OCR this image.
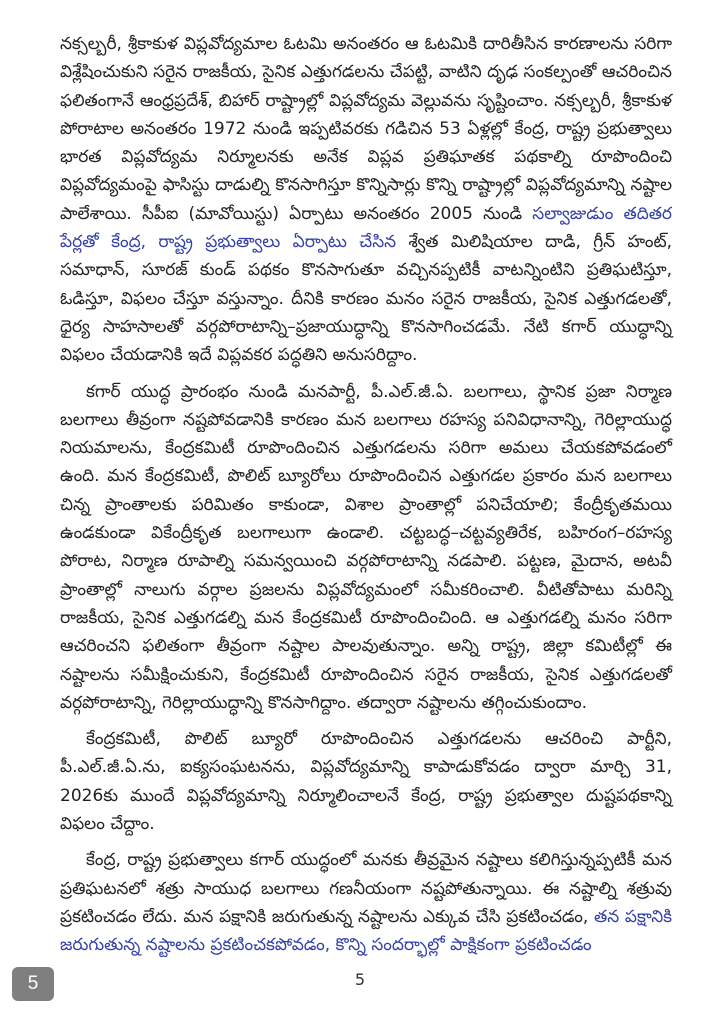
నక్సల్బరీ, శ్రీకాకుళ విప్లవోద్యమాల ఓటమి అనంతరం ఆ ఓటమికి దారితీసిన కారణాలను సరిగా విశ్లేషించుకుని సరైన రాజకీయ, సైనిక ఎత్తుగడలను చేపట్టి, వాటిని దృఢ సంకల్పంతో ఆచరించిన ఫలితంగానే ఆంధ్రప్రదేశ్, బిహార్ రాష్ట్రాల్లో విప్లవోద్యమ వెల్లువను సృష్టించాం. నక్సల్బరీ, శ్రీకాకుళ పోరాటాల అనంతరం 1972 నుండి ఇప్పటివరకు గడిచిన 53 ఏళ్లల్లో కేంద్ర, రాష్ట్ర ప్రభుత్వాలు భారత విప్లవోద్యమ నిర్మూలనకు అనేక విప్లవ ప్రతిఘాతక పథకాల్ని రూపొందించి విప్లవోద్యమంపై ఫాసిస్టు దాడుల్ని కొనసాగిస్తూ కొన్నిసార్లు కొన్ని రాష్ట్రాల్లో విప్లవోద్యమాన్ని నష్టాల పాలేశాయి. సీపీఐ (మావోయిస్టు) ఏర్పాటు అనంతరం 2005 నుండి సల్వాజుడుం తదితర పేర్లతో కేంద్ర, రాష్ట్ర ప్రభుత్వాలు ఏర్పాటు చేసిన శ్వేత మిలిషియాల దాడి, గ్రీన్ హంట్, సమాధాన్, సూరజ్ కుండ్ పథకం కొనసాగుతూ వచ్చినప్పటికీ వాటన్నింటిని ప్రతిఘటిస్తూ, ఓడిస్తూ, విఫలం చేస్తూ వస్తున్నాం. దీనికి కారణం మనం సరైన రాజకీయ, సైనిక ఎత్తుగడలతో, ధైర్య సాహసాలతో వర్గపోరాటాన్ని–ప్రజాయుద్ధాన్ని కొనసాగించడమే. నేటి కగార్ యుద్ధాన్ని విఫలం చేయడానికి ఇదే విప్లవకర పద్ధతిని అనుసరిద్దాం.

కగార్ యుద్ధ ప్రారంభం నుండి మనపార్టీ, పీ.ఎల్.జీ.ఏ. బలగాలు, స్థానిక ప్రజా నిర్మాణ బలగాలు తీవ్రంగా నష్టపోవడానికి కారణం మన బలగాలు రహస్య పనివిధానాన్ని, గెరిల్లాయుద్ధ నియమాలను, కేంద్రకమిటీ రూపొందించిన ఎత్తుగడలను సరిగా అమలు చేయకపోవడంలో ఉంది. మన కేంద్రకమిటీ, పొలిట్ బ్యూరోలు రూపొందించిన ఎత్తుగడల ప్రకారం మన బలగాలు చిన్న ప్రాంతాలకు పరిమితం కాకుండా, విశాల ప్రాంతాల్లో పనిచేయాలి; కేంద్రీకృతమయి ఉండకుండా వికేంద్రీకృత బలగాలుగా ఉండాలి. చట్టబద్ధ–చట్టవ్యతిరేక, బహిరంగ–రహస్య పోరాట, నిర్మాణ రూపాల్ని సమన్వయించి వర్గపోరాటాన్ని నడపాలి. పట్టణ, మైదాన, అటవీ ప్రాంతాల్లో నాలుగు వర్గాల ప్రజలను విప్లవోద్యమంలో సమీకరించాలి. వీటితోపాటు మరిన్ని రాజకీయ, సైనిక ఎత్తుగడల్ని మన కేంద్రకమిటీ రూపొందించింది. ఆ ఎత్తుగడల్ని మనం సరిగా ఆచరించని ఫలితంగా తీవ్రంగా నష్టాల పాలవుతున్నాం. అన్ని రాష్ట్ర, జిల్లా కమిటీల్లో ఈ నష్టాలను సమీక్షించుకుని, కేంద్రకమిటీ రూపొందించిన సరైన రాజకీయ, సైనిక ఎత్తుగడలతో వర్గపోరాటాన్ని, గెరిల్లాయుద్ధాన్ని కొనసాగిద్దాం. తద్వారా నష్టాలను తగ్గించుకుందాం.

కేంద్రకమిటీ, పొలిట్ బ్యూరో రూపొందించిన ఎత్తుగడలను ఆచరించి పార్టీని, పీ.ఎల్.జీ.ఏ.ను, ఐక్యసంఘటనను, విప్లవోద్యమాన్ని కాపాడుకోవడం ద్వారా మార్చి 31, 2026కు ముందే విప్లవోద్యమాన్ని నిర్మూలించాలనే కేంద్ర, రాష్ట్ర ప్రభుత్వాల దుష్టపథకాన్ని విఫలం చేద్దాం.

కేంద్ర, రాష్ట్ర ప్రభుత్వాలు కగార్ యుద్ధంలో మనకు తీవ్రమైన నష్టాలు కలిగిస్తున్నప్పటికీ మన ప్రతిఘటనలో శత్రు సాయుధ బలగాలు గణనీయంగా నష్టపోతున్నాయి. ఈ నష్టాల్ని శత్రువు ప్రకటించడం లేదు. మన పక్షానికి జరుగుతున్న నష్టాలను ఎక్కువ చేసి ప్రకటించడం, తన పక్షానికి జరుగుతున్న నష్టాలను ప్రకటించకపోవడం, కొన్ని సందర్భాల్లో పాక్షికంగా ప్రకటించడం

5
5
